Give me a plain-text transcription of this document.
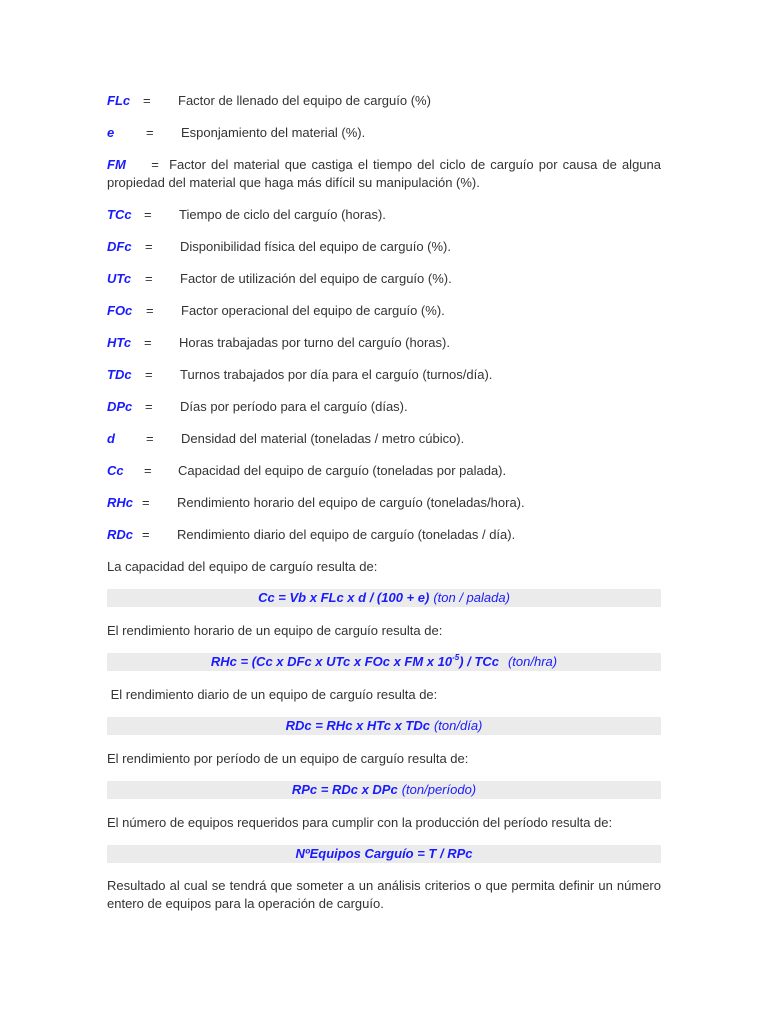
FLc = Factor de llenado del equipo de carguío (%)
e = Esponjamiento del material (%).
FM = Factor del material que castiga el tiempo del ciclo de carguío por causa de alguna propiedad del material que haga más difícil su manipulación (%).
TCc = Tiempo de ciclo del carguío (horas).
DFc = Disponibilidad física del equipo de carguío (%).
UTc = Factor de utilización del equipo de carguío (%).
FOc = Factor operacional del equipo de carguío (%).
HTc = Horas trabajadas por turno del carguío (horas).
TDc = Turnos trabajados por día para el carguío (turnos/día).
DPc = Días por período para el carguío (días).
d = Densidad del material (toneladas / metro cúbico).
Cc = Capacidad del equipo de carguío (toneladas por palada).
RHc = Rendimiento horario del equipo de carguío (toneladas/hora).
RDc = Rendimiento diario del equipo de carguío (toneladas / día).
La capacidad del equipo de carguío resulta de:
Cc = Vb x FLc x d / (100 + e) (ton / palada)
El rendimiento horario de un equipo de carguío resulta de:
RHc = (Cc x DFc x UTc x FOc x FM x $10^{-5}$) / TCc (ton/hra)
El rendimiento diario de un equipo de carguío resulta de:
RDc = RHc x HTc x TDc (ton/día)
El rendimiento por período de un equipo de carguío resulta de:
RPc = RDc x DPc (ton/período)
El número de equipos requeridos para cumplir con la producción del período resulta de:
NºEquipos Carguío = T / RPc
Resultado al cual se tendrá que someter a un análisis criterios o que permita definir un número entero de equipos para la operación de carguío.
